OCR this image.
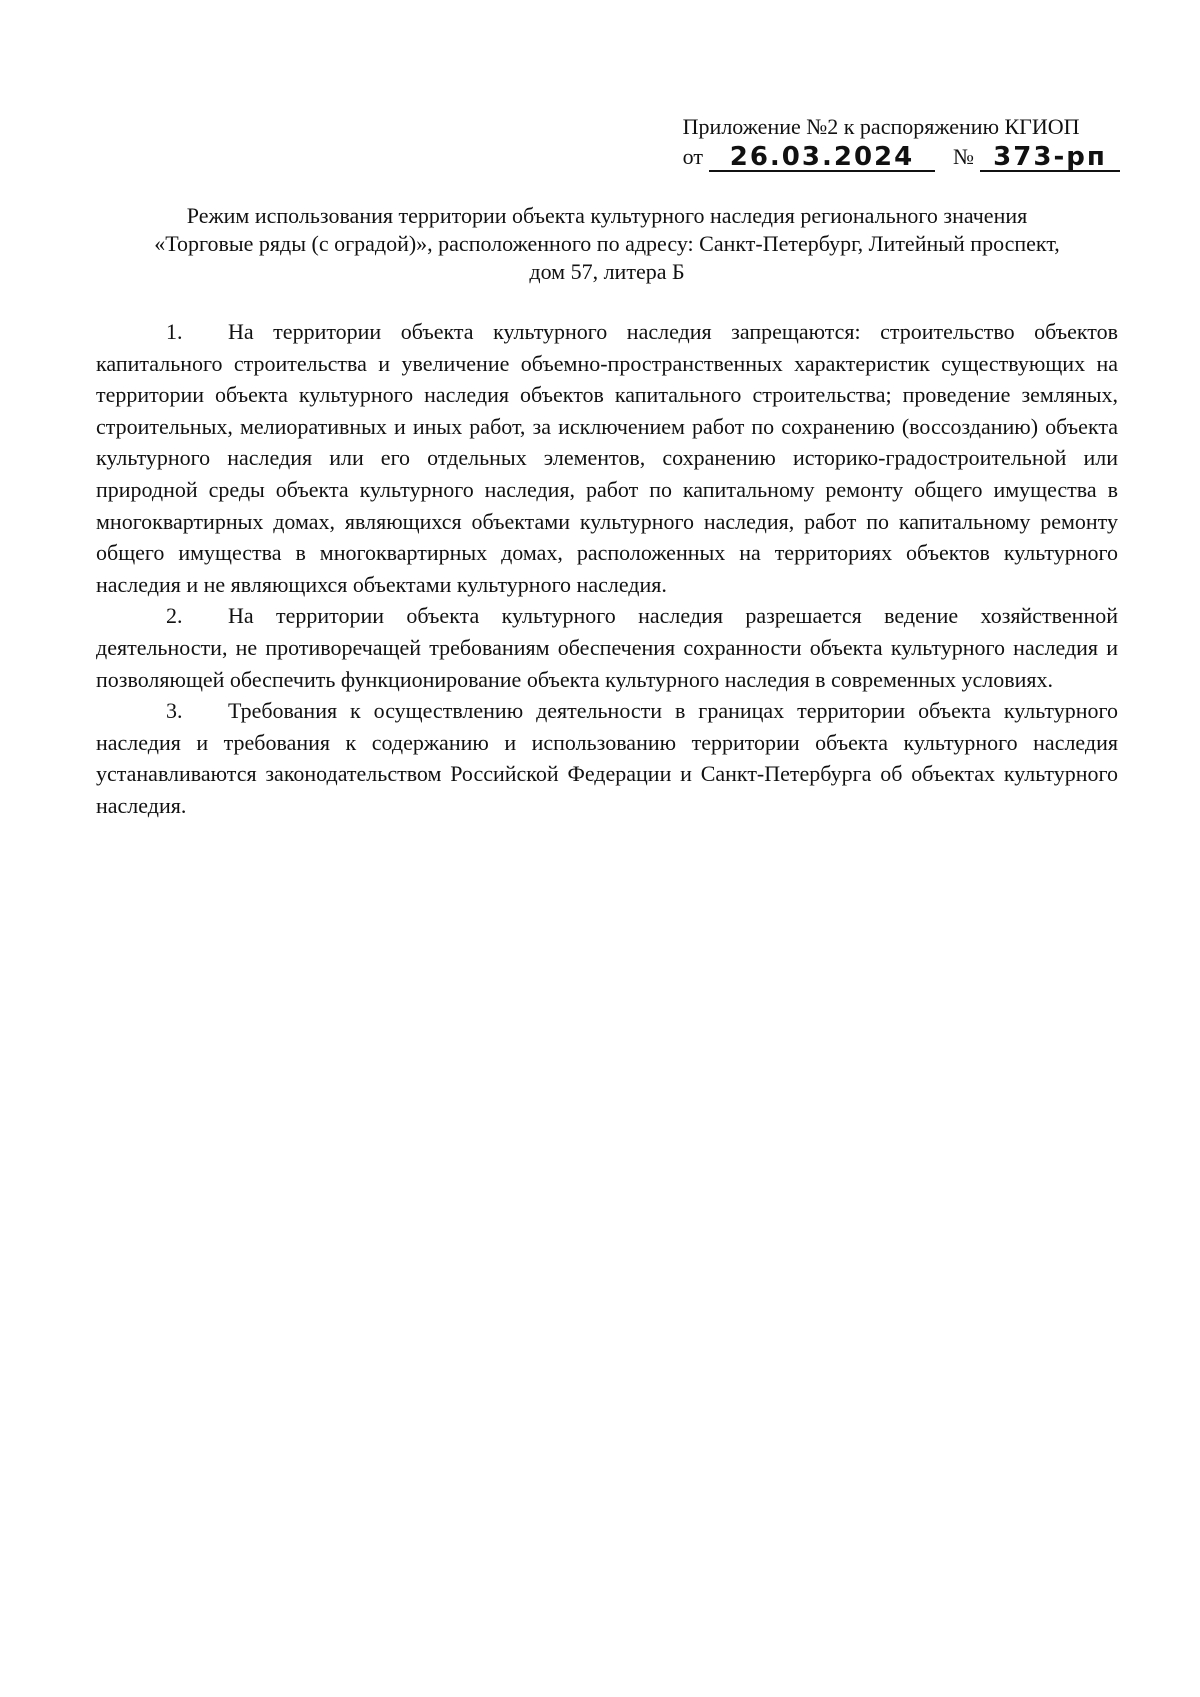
Приложение №2 к распоряжению КГИОП
от	26.03.2024	№ 373-рп
Режим использования территории объекта культурного наследия регионального значения
«Торговые ряды (с оградой)», расположенного по адресу: Санкт-Петербург, Литейный проспект,
дом 57, литера Б

1. На территории объекта культурного наследия запрещаются: строительство объектов капитального строительства и увеличение объемно-пространственных характеристик существующих на территории объекта культурного наследия объектов капитального строительства; проведение земляных, строительных, мелиоративных и иных работ, за исключением работ по сохранению (воссозданию) объекта культурного наследия или его отдельных элементов, сохранению историко-градостроительной или природной среды объекта культурного наследия, работ по капитальному ремонту общего имущества в многоквартирных домах, являющихся объектами культурного наследия, работ по капитальному ремонту общего имущества в многоквартирных домах, расположенных на территориях объектов культурного наследия и не являющихся объектами культурного наследия.

2. На территории объекта культурного наследия разрешается ведение хозяйственной деятельности, не противоречащей требованиям обеспечения сохранности объекта культурного наследия и позволяющей обеспечить функционирование объекта культурного наследия в современных условиях.

3. Требования к осуществлению деятельности в границах территории объекта культурного наследия и требования к содержанию и использованию территории объекта культурного наследия устанавливаются законодательством Российской Федерации и Санкт-Петербурга об объектах культурного наследия.
